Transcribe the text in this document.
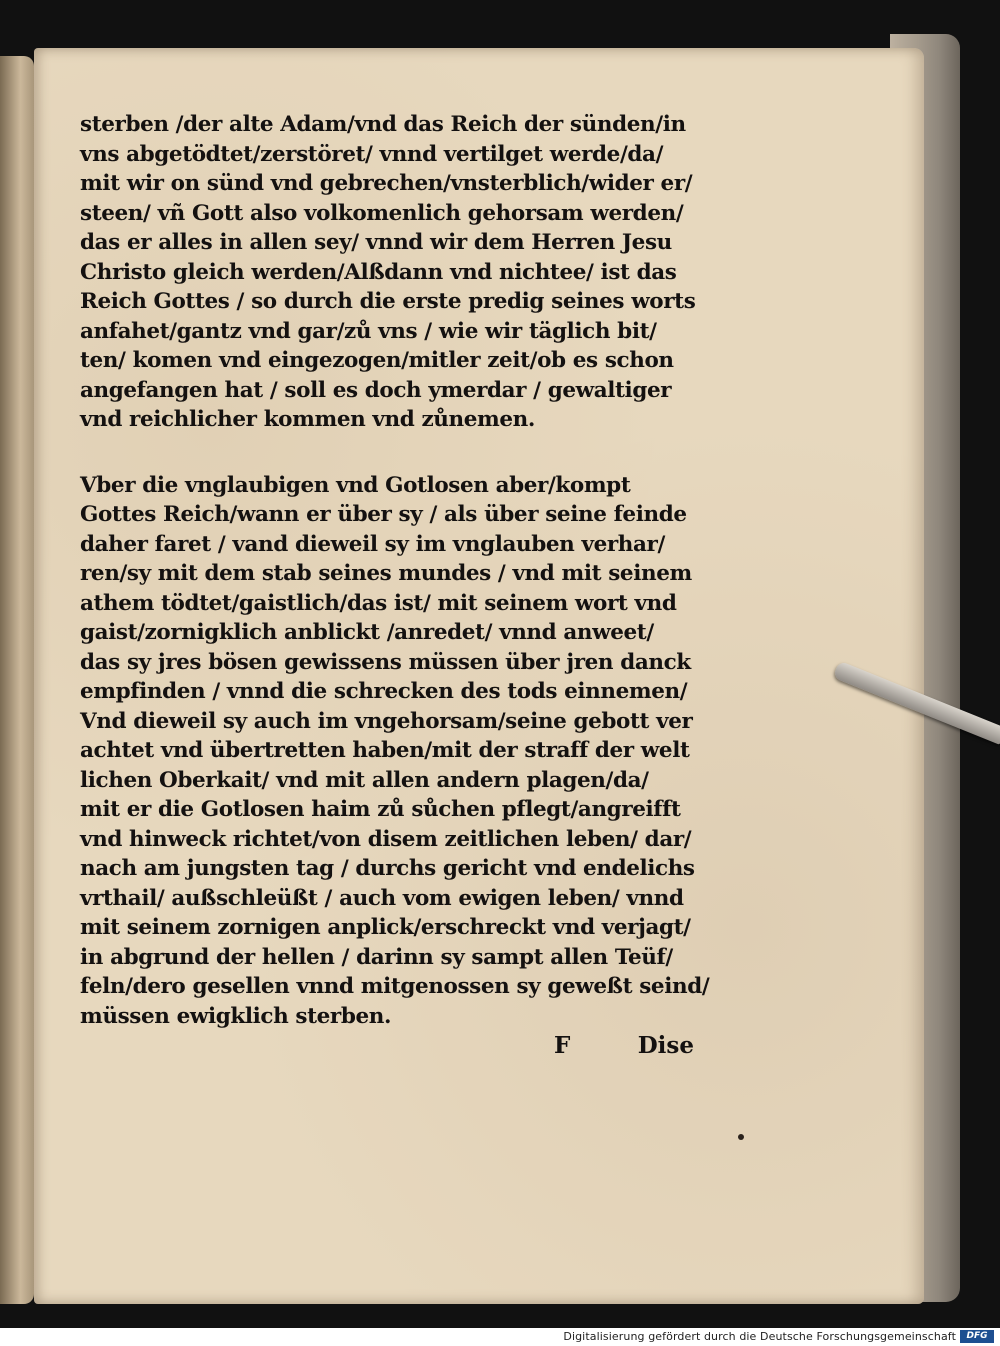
sterben /der alte Adam/vnd das Reich der sünden/in
vns abgetödtet/zerstöret/ vnnd vertilget werde/da/
mit wir on sünd vnd gebrechen/vnsterblich/wider er/
steen/ vñ Gott also volkomenlich gehorsam werden/
das er alles in allen sey/ vnnd wir dem Herren Jesu
Christo gleich werden/Alßdann vnd nichtee/ ist das
Reich Gottes / so durch die erste predig seines worts
anfahet/gantz vnd gar/zů vns / wie wir täglich bit/
ten/ komen vnd eingezogen/mitler zeit/ob es schon
angefangen hat / soll es doch ymerdar / gewaltiger
vnd reichlicher kommen vnd zůnemen.
Vber die vnglaubigen vnd Gotlosen aber/kompt
Gottes Reich/wann er über sy / als über seine feinde
daher faret / vand dieweil sy im vnglauben verhar/
ren/sy mit dem stab seines mundes / vnd mit seinem
athem tödtet/gaistlich/das ist/ mit seinem wort vnd
gaist/zornigklich anblickt /anredet/ vnnd anweet/
das sy jres bösen gewissens müssen über jren danck
empfinden / vnnd die schrecken des tods einnemen/
Vnd dieweil sy auch im vngehorsam/seine gebott ver
achtet vnd übertretten haben/mit der straff der welt
lichen Oberkait/ vnd mit allen andern plagen/da/
mit er die Gotlosen haim zů sůchen pflegt/angreifft
vnd hinweck richtet/von disem zeitlichen leben/ dar/
nach am jungsten tag / durchs gericht vnd endelichs
vrthail/ außschleüßt / auch vom ewigen leben/ vnnd
mit seinem zornigen anplick/erschreckt vnd verjagt/
in abgrund der hellen / darinn sy sampt allen Teüf/
feln/dero gesellen vnnd mitgenossen sy geweßt seind/
müssen ewigklich sterben.
F	Dise
Digitalisierung gefördert durch die Deutsche Forschungsgemeinschaft	DFG
